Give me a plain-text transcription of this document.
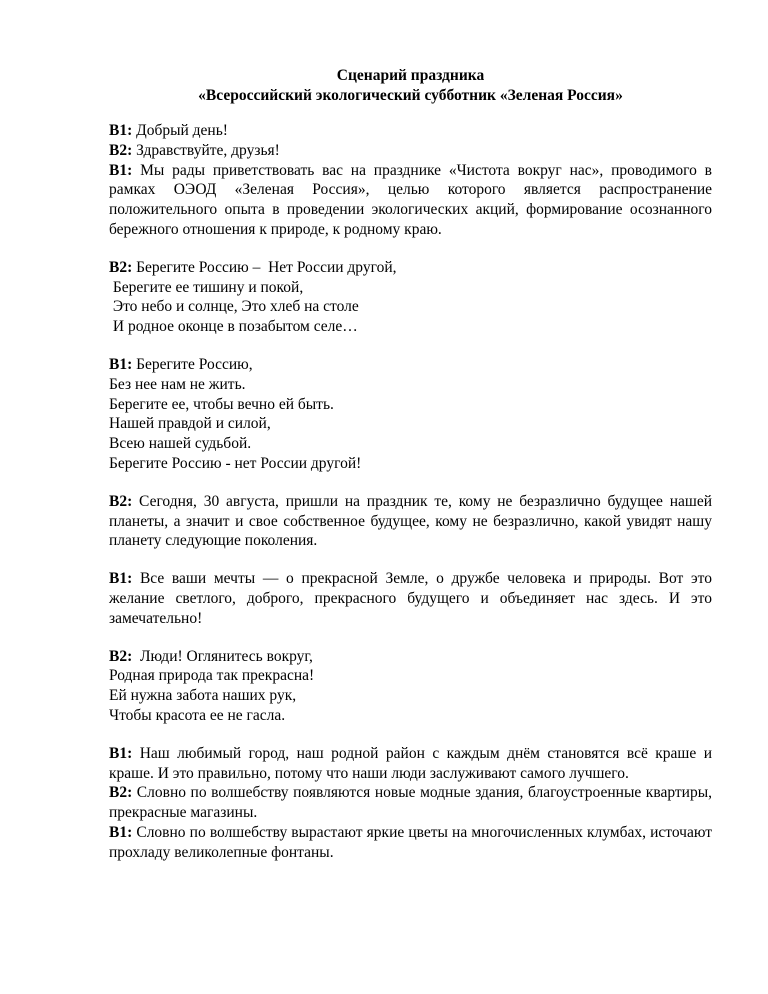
Сценарий праздника
«Всероссийский экологический субботник «Зеленая Россия»

В1: Добрый день!

В2: Здравствуйте, друзья!

В1: Мы рады приветствовать вас на празднике «Чистота вокруг нас», проводимого в рамках ОЭОД «Зеленая Россия», целью которого является распространение положительного опыта в проведении экологических акций, формирование осознанного бережного отношения к природе, к родному краю.

В2: Берегите Россию –  Нет России другой,
Берегите ее тишину и покой,
Это небо и солнце, Это хлеб на столе
И родное оконце в позабытом селе…
В1: Берегите Россию,
Без нее нам не жить.
Берегите ее, чтобы вечно ей быть.
Нашей правдой и силой,
Всею нашей судьбой.
Берегите Россию - нет России другой!

В2: Сегодня, 30 августа, пришли на праздник те, кому не безразлично будущее нашей планеты, а значит и свое собственное будущее, кому не безразлично, какой увидят нашу планету следующие поколения.

В1: Все ваши мечты — о прекрасной Земле, о дружбе человека и природы. Вот это желание светлого, доброго, прекрасного будущего и объединяет нас здесь. И это замечательно!

В2:  Люди! Оглянитесь вокруг,
Родная природа так прекрасна!
Ей нужна забота наших рук,
Чтобы красота ее не гасла.

В1: Наш любимый город, наш родной район с каждым днём становятся всё краше и краше. И это правильно, потому что наши люди заслуживают самого лучшего.

В2: Словно по волшебству появляются новые модные здания, благоустроенные квартиры, прекрасные магазины.

В1: Словно по волшебству вырастают яркие цветы на многочисленных клумбах, источают прохладу великолепные фонтаны.
